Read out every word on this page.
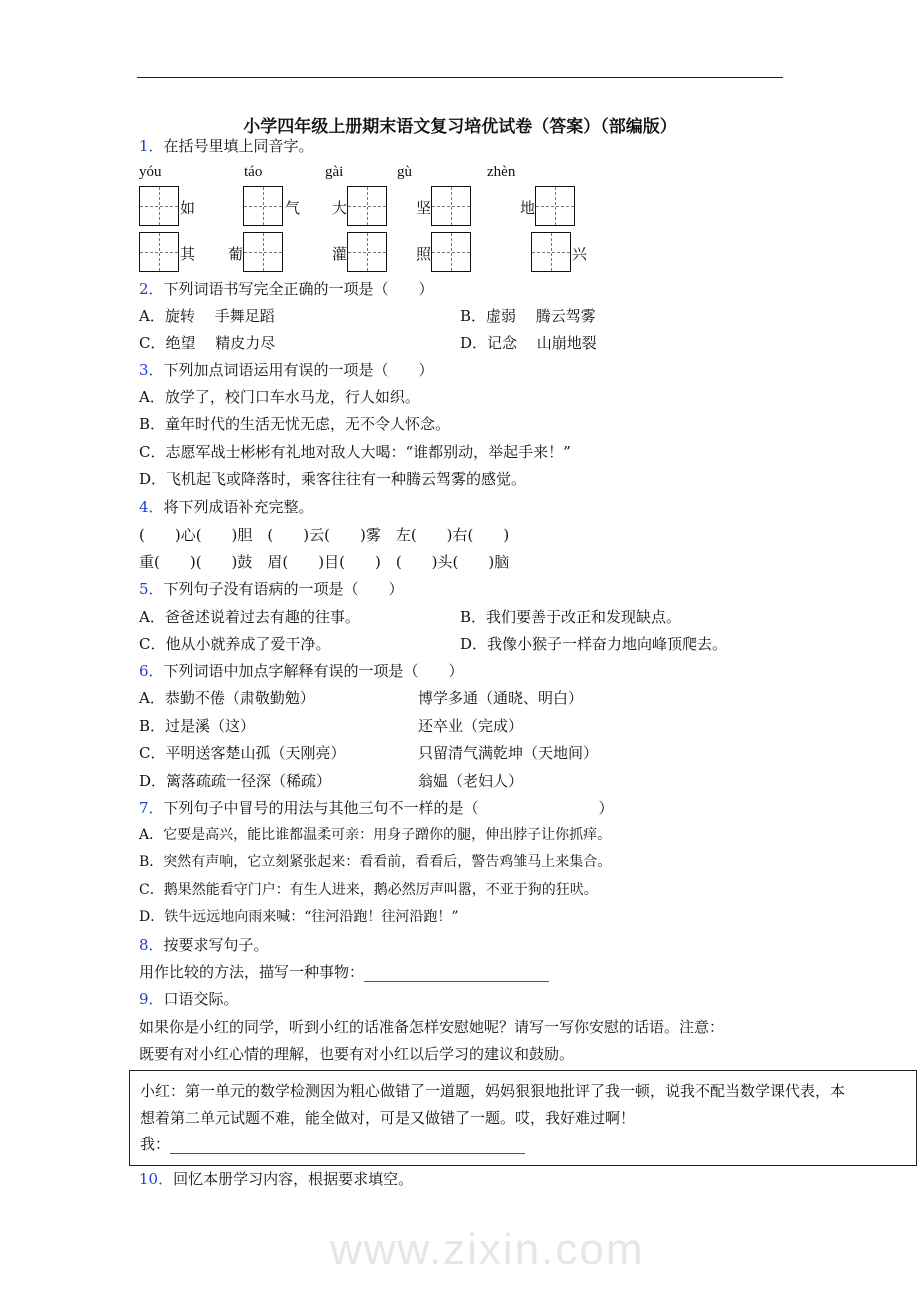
www.zixin.com
小学四年级上册期末语文复习培优试卷（答案）（部编版）
1．在括号里填上同音字。
yóu	táo	gài	gù	zhèn
如	气 大	坚	地
其 葡	灌	照	兴
2．下列词语书写完全正确的一项是（　　）
A．旋转　 手舞足蹈	B．虚弱　 腾云驾雾
C．绝望　 精皮力尽	D．记念　 山崩地裂
3．下列加点词语运用有误的一项是（　　）
A．放学了，校门口车水马龙，行人如织。
B．童年时代的生活无忧无虑，无不令人怀念。
C．志愿军战士彬彬有礼地对敌人大喝：“谁都别动，举起手来！”
D．飞机起飞或降落时，乘客往往有一种腾云驾雾的感觉。
4．将下列成语补充完整。
(　　)心(　　)胆　(　　)云(　　)雾　左(　　)右(　　)
重(　　)(　　)鼓　眉(　　)目(　　)　(　　)头(　　)脑
5．下列句子没有语病的一项是（　　）
A．爸爸述说着过去有趣的往事。	B．我们要善于改正和发现缺点。
C．他从小就养成了爱干净。	D．我像小猴子一样奋力地向峰顶爬去。
6．下列词语中加点字解释有误的一项是（　　）
A．恭勤不倦（肃敬勤勉）	博学多通（通晓、明白）
B．过是溪（这）	还卒业（完成）
C．平明送客楚山孤（天刚亮）	只留清气满乾坤（天地间）
D．篱落疏疏一径深（稀疏）	翁媪（老妇人）
7．下列句子中冒号的用法与其他三句不一样的是（　　　　　　　　）
A．它要是高兴，能比谁都温柔可亲：用身子蹭你的腿，伸出脖子让你抓痒。
B．突然有声响，它立刻紧张起来：看看前，看看后，警告鸡雏马上来集合。
C．鹅果然能看守门户：有生人进来，鹅必然厉声叫嚣，不亚于狗的狂吠。
D．铁牛远远地向雨来喊：“往河沿跑！往河沿跑！”
8．按要求写句子。
用作比较的方法，描写一种事物：
9．口语交际。
如果你是小红的同学，听到小红的话准备怎样安慰她呢？请写一写你安慰的话语。注意：
既要有对小红心情的理解，也要有对小红以后学习的建议和鼓励。
小红：第一单元的数学检测因为粗心做错了一道题，妈妈狠狠地批评了我一顿，说我不配当数学课代表，本
想着第二单元试题不难，能全做对，可是又做错了一题。哎，我好难过啊！
我：
10．回忆本册学习内容，根据要求填空。
